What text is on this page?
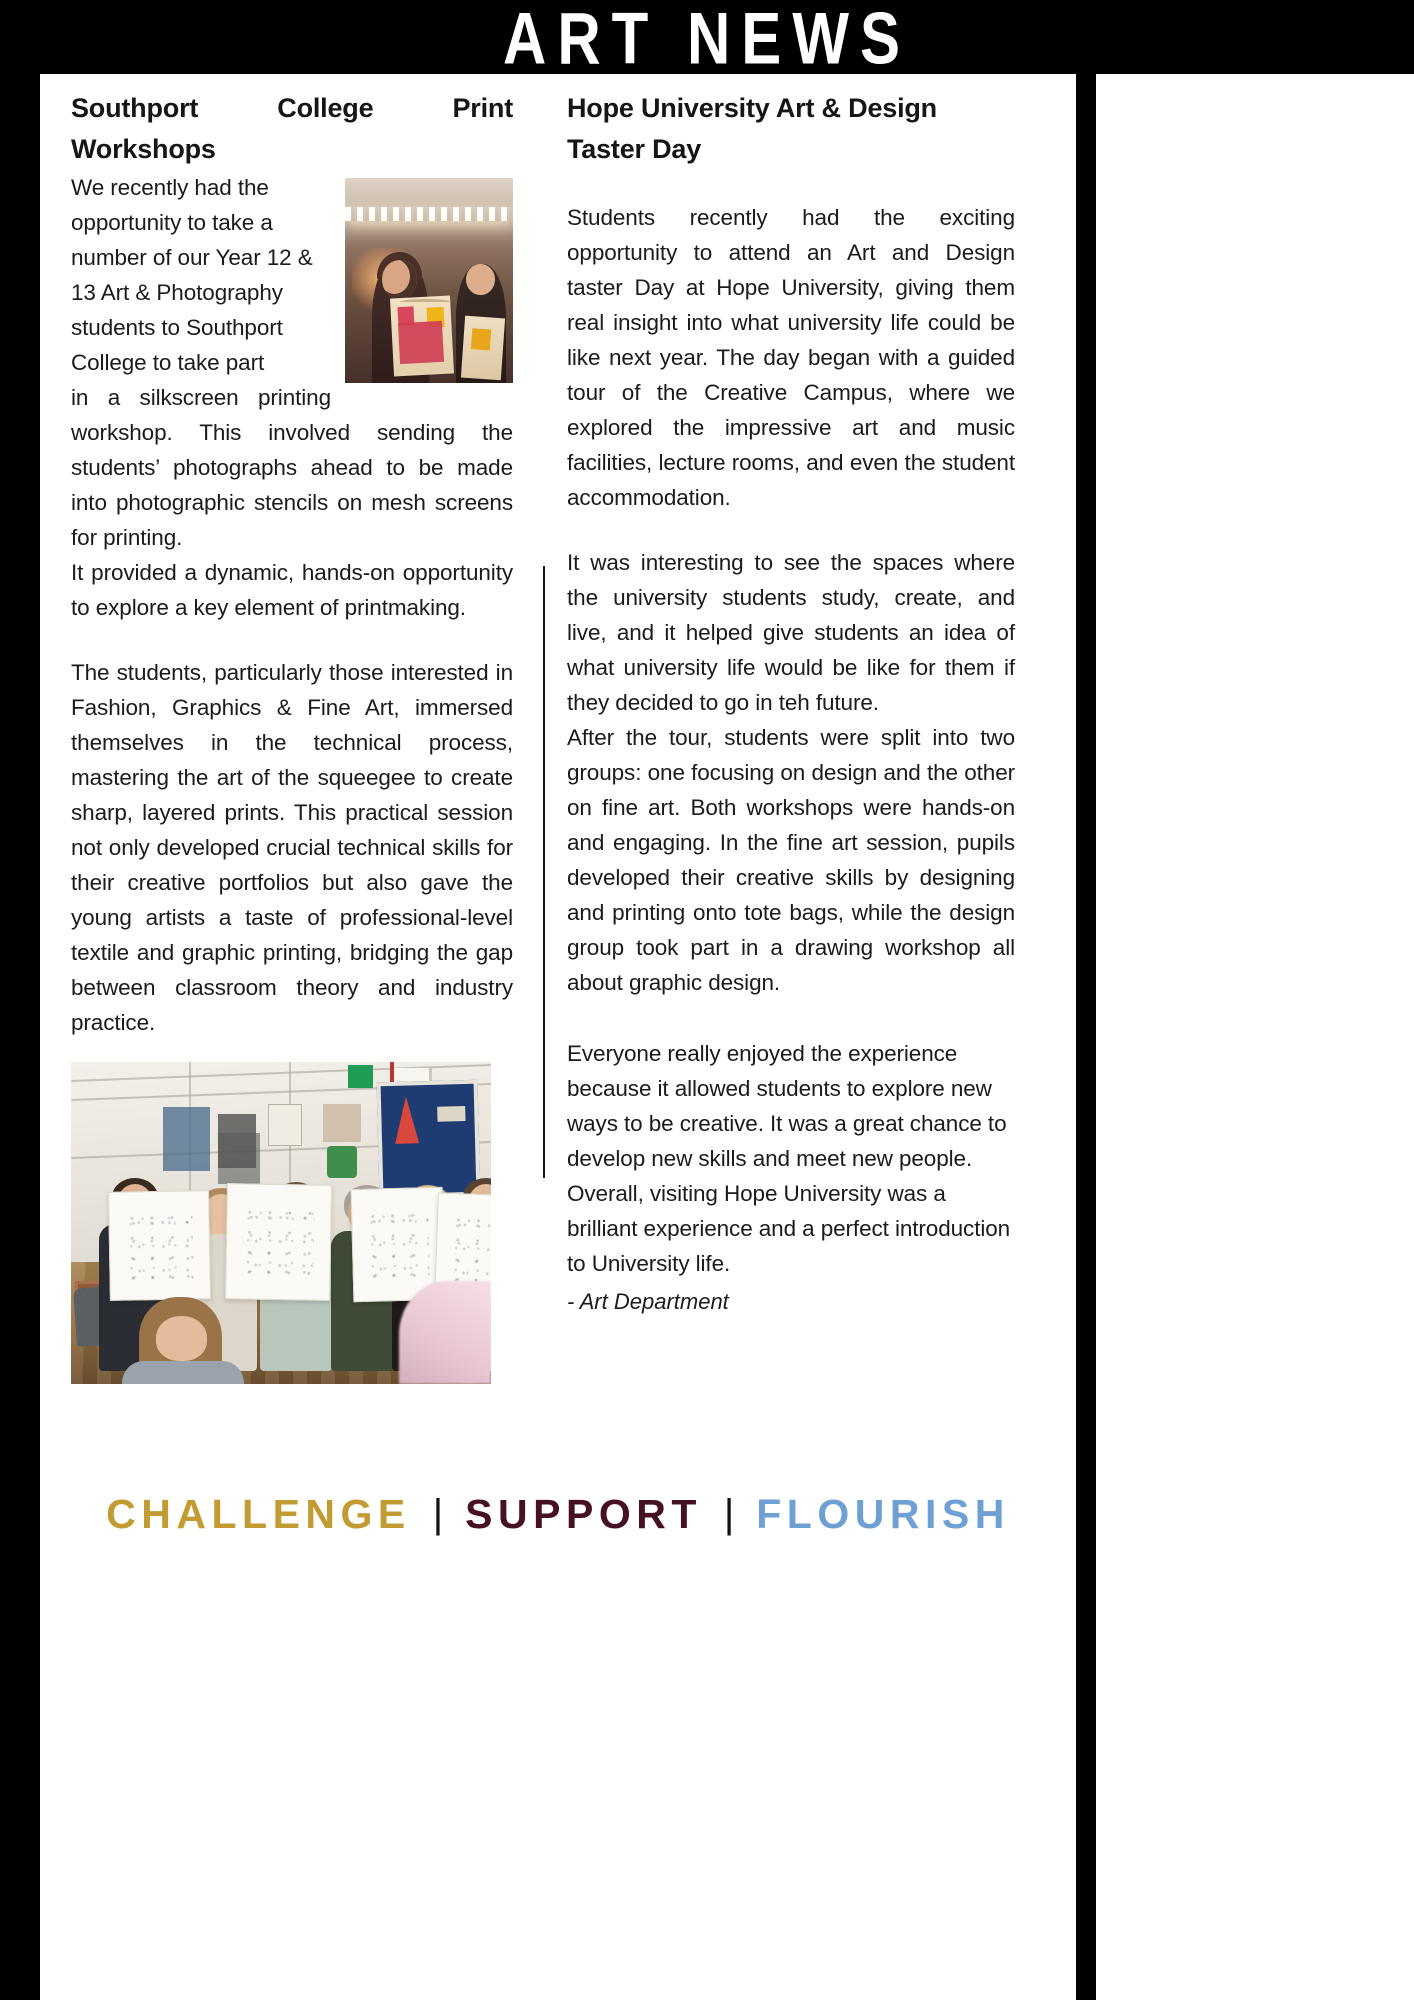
ART NEWS
Southport College Print Workshops
We recently had the opportunity to take a number of our Year 12 & 13 Art & Photography students to Southport College to take part
in a silkscreen printing workshop. This involved sending the students’ photographs ahead to be made into photographic stencils on mesh screens for printing.
It provided a dynamic, hands-on opportunity to explore a key element of printmaking.
The students, particularly those interested in Fashion, Graphics & Fine Art, immersed themselves in the technical process, mastering the art of the squeegee to create sharp, layered prints. This practical session not only developed crucial technical skills for their creative portfolios but also gave the young artists a taste of professional-level textile and graphic printing, bridging the gap between classroom theory and industry practice.
Hope University Art & Design Taster Day
Students recently had the exciting opportunity to attend an Art and Design taster Day at Hope University, giving them real insight into what university life could be like next year. The day began with a guided tour of the Creative Campus, where we explored the impressive art and music facilities, lecture rooms, and even the student accommodation.
It was interesting to see the spaces where the university students study, create, and live, and it helped give students an idea of what university life would be like for them if they decided to go in teh future.
After the tour, students were split into two groups: one focusing on design and the other on fine art. Both workshops were hands-on and engaging. In the fine art session, pupils developed their creative skills by designing and printing onto tote bags, while the design group took part in a drawing workshop all about graphic design.
Everyone really enjoyed the experience because it allowed students to explore new ways to be creative. It was a great chance to develop new skills and meet new people. Overall, visiting Hope University was a brilliant experience and a perfect introduction to University life.
- Art Department
CHALLENGE | SUPPORT | FLOURISH
